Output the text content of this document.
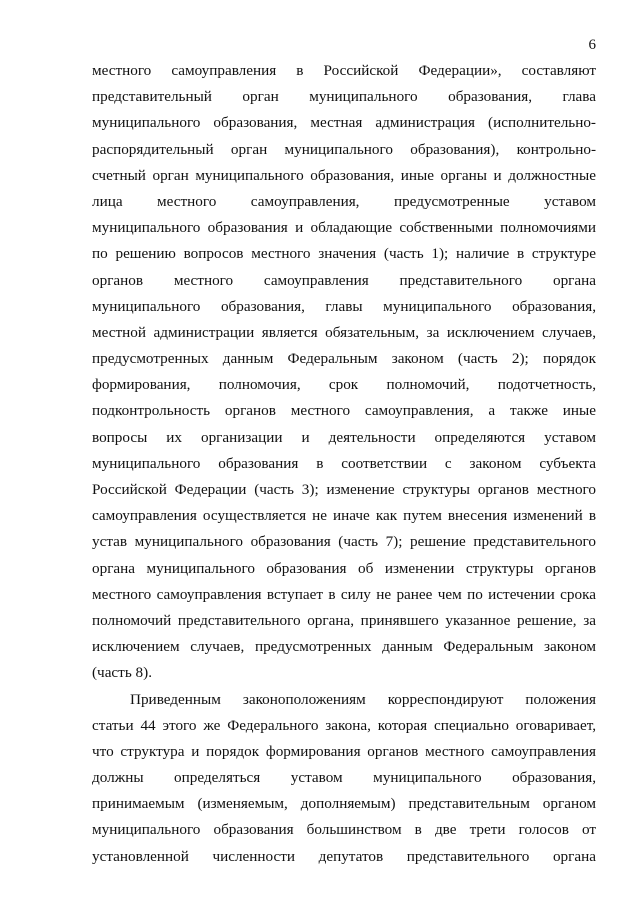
6
местного самоуправления в Российской Федерации», составляют
представительный орган муниципального образования, глава
муниципального образования, местная администрация (исполнительно-
распорядительный орган муниципального образования), контрольно-
счетный орган муниципального образования, иные органы и должностные
лица местного самоуправления, предусмотренные уставом
муниципального образования и обладающие собственными полномочиями
по решению вопросов местного значения (часть 1); наличие в структуре
органов местного самоуправления представительного органа
муниципального образования, главы муниципального образования,
местной администрации является обязательным, за исключением случаев,
предусмотренных данным Федеральным законом (часть 2); порядок
формирования, полномочия, срок полномочий, подотчетность,
подконтрольность органов местного самоуправления, а также иные
вопросы их организации и деятельности определяются уставом
муниципального образования в соответствии с законом субъекта
Российской Федерации (часть 3); изменение структуры органов местного
самоуправления осуществляется не иначе как путем внесения изменений в
устав муниципального образования (часть 7); решение представительного
органа муниципального образования об изменении структуры органов
местного самоуправления вступает в силу не ранее чем по истечении срока
полномочий представительного органа, принявшего указанное решение, за
исключением случаев, предусмотренных данным Федеральным законом
(часть 8).
Приведенным законоположениям корреспондируют положения
статьи 44 этого же Федерального закона, которая специально оговаривает,
что структура и порядок формирования органов местного самоуправления
должны определяться уставом муниципального образования,
принимаемым (изменяемым, дополняемым) представительным органом
муниципального образования большинством в две трети голосов от
установленной численности депутатов представительного органа
